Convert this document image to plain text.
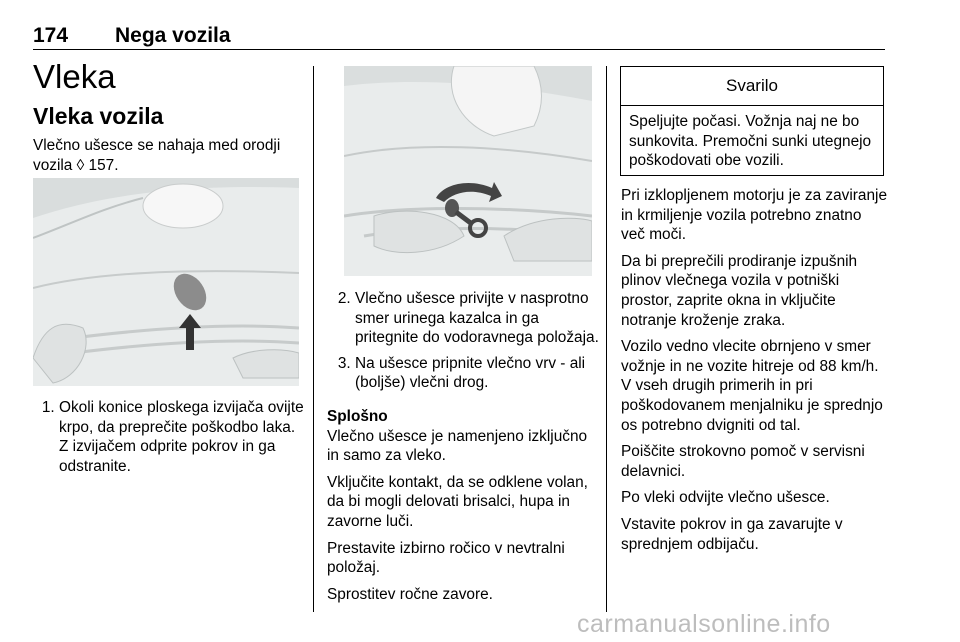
174 Nega vozila
Vleka
Vleka vozila
Vlečno ušesce se nahaja med orodji vozila ◊ 157.
1. Okoli konice ploskega izvijača ovijte krpo, da preprečite poškodbo laka. Z izvijačem odprite pokrov in ga odstranite.
2. Vlečno ušesce privijte v nasprotno smer urinega kazalca in ga pritegnite do vodoravnega položaja.
3. Na ušesce pripnite vlečno vrv - ali (boljše) vlečni drog.
Splošno

Vlečno ušesce je namenjeno izključno in samo za vleko.

Vključite kontakt, da se odklene volan, da bi mogli delovati brisalci, hupa in zavorne luči.

Prestavite izbirno ročico v nevtralni položaj.

Sprostitev ročne zavore.

Svarilo
Speljujte počasi. Vožnja naj ne bo sunkovita. Premočni sunki utegnejo poškodovati obe vozili.

Pri izklopljenem motorju je za zaviranje in krmiljenje vozila potrebno znatno več moči.

Da bi preprečili prodiranje izpušnih plinov vlečnega vozila v potniški prostor, zaprite okna in vključite notranje kroženje zraka.

Vozilo vedno vlecite obrnjeno v smer vožnje in ne vozite hitreje od 88 km/h. V vseh drugih primerih in pri poškodovanem menjalniku je sprednjo os potrebno dvigniti od tal.

Poiščite strokovno pomoč v servisni delavnici.

Po vleki odvijte vlečno ušesce.

Vstavite pokrov in ga zavarujte v sprednjem odbijaču.

carmanualsonline.info
